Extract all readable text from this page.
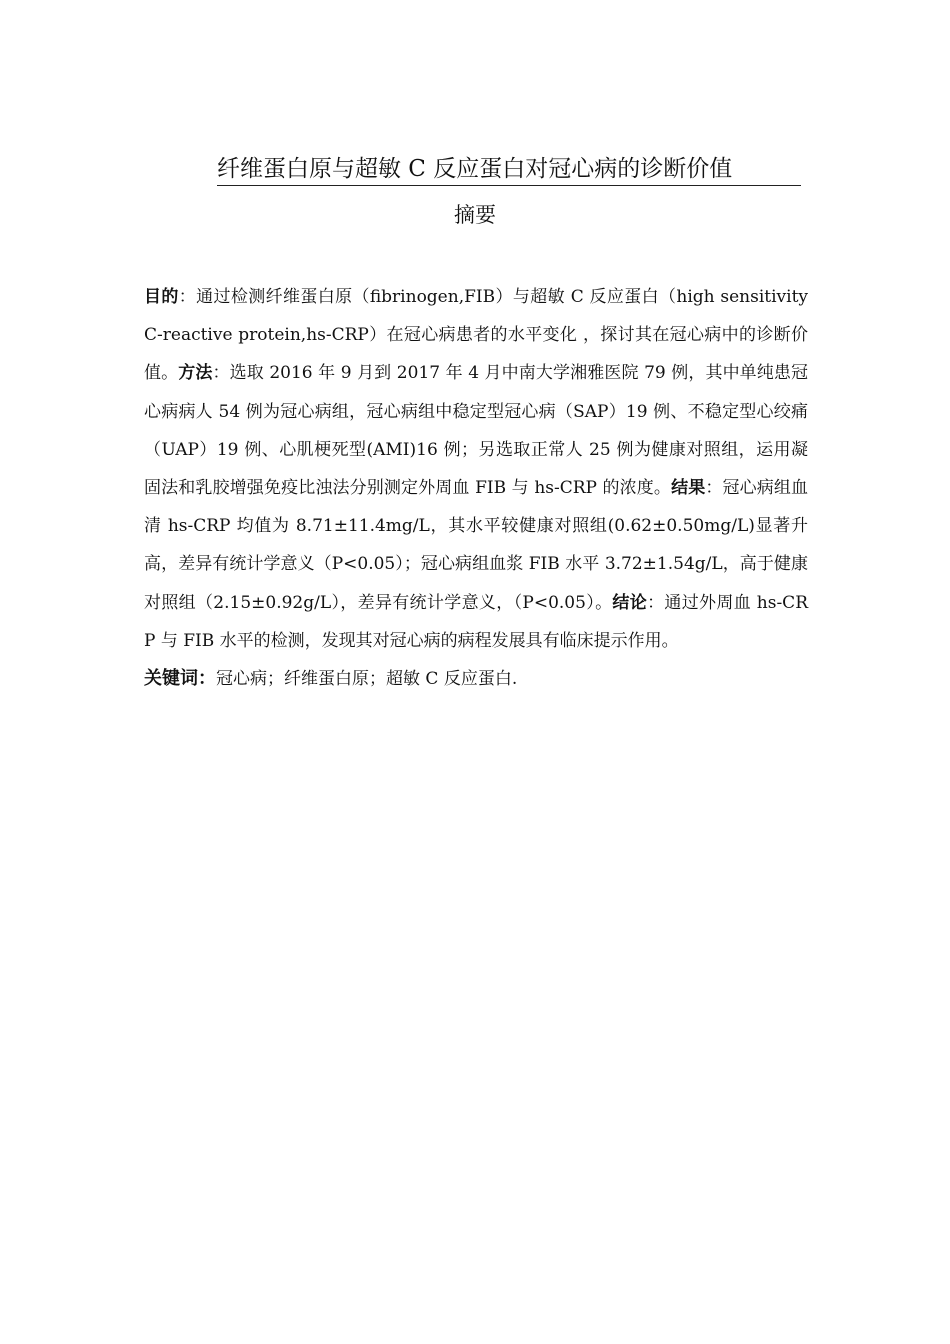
纤维蛋白原与超敏 C 反应蛋白对冠心病的诊断价值
摘要
目的：通过检测纤维蛋白原（fibrinogen,FIB）与超敏 C 反应蛋白（high sensitivity C-reactive protein,hs-CRP）在冠心病患者的水平变化 ，探讨其在冠心病中的诊断价值。方法：选取 2016 年 9 月到 2017 年 4 月中南大学湘雅医院 79 例，其中单纯患冠心病病人 54 例为冠心病组，冠心病组中稳定型冠心病（SAP）19 例、不稳定型心绞痛（UAP）19 例、心肌梗死型(AMI)16 例；另选取正常人 25 例为健康对照组，运用凝固法和乳胶增强免疫比浊法分别测定外周血 FIB 与 hs-CRP 的浓度。结果：冠心病组血清 hs-CRP 均值为 8.71±11.4mg/L，其水平较健康对照组(0.62±0.50mg/L)显著升高，差异有统计学意义（P<0.05）；冠心病组血浆 FIB 水平 3.72±1.54g/L，高于健康对照组（2.15±0.92g/L），差异有统计学意义，（P<0.05）。结论：通过外周血 hs-CRP 与 FIB 水平的检测，发现其对冠心病的病程发展具有临床提示作用。
关键词：冠心病；纤维蛋白原；超敏 C 反应蛋白.
